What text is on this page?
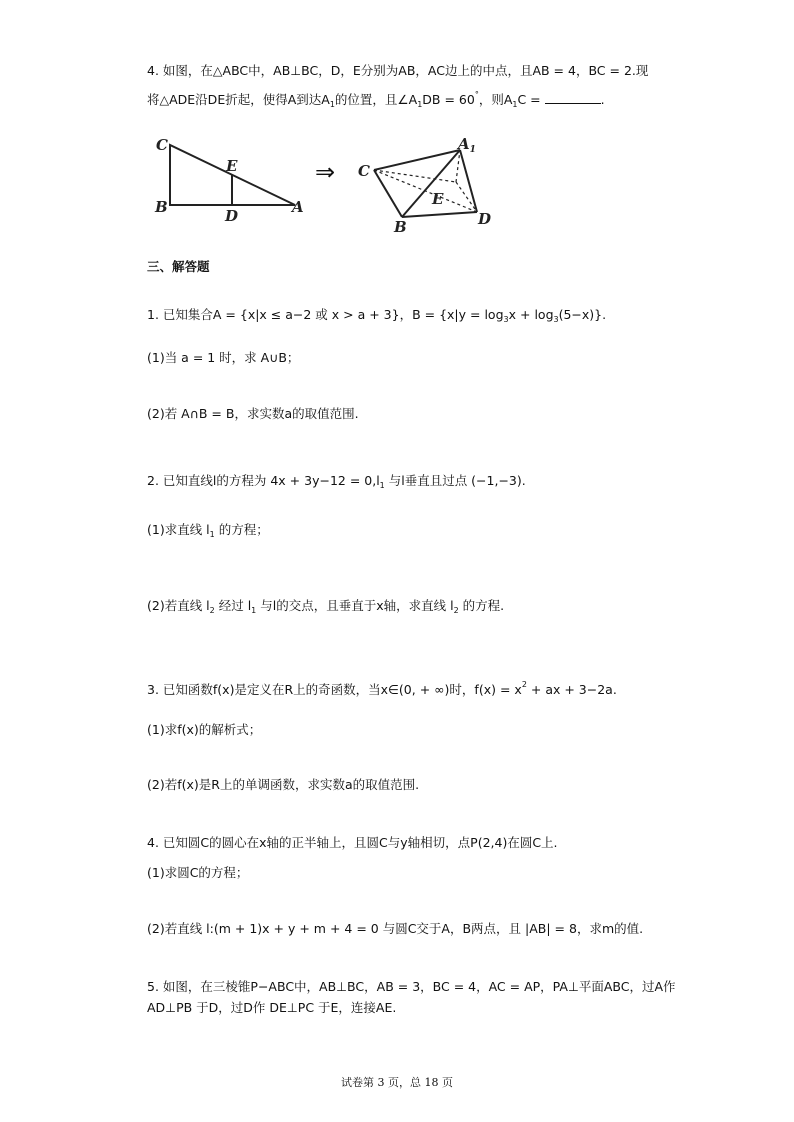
4. 如图，在△ABC中，AB⊥BC，D，E分别为AB，AC边上的中点，且AB = 4，BC = 2.现
将△ADE沿DE折起，使得A到达$A_1$的位置，且$\angle A_1DB = 60^\circ$，则$A_1C$ =	.
C
E
B	D	A
⇒ C
$A_1$
E
B	D
三、解答题
1. 已知集合A = {x|x ≤ a−2 或 x > a + 3}，$B = \{x|y = \log_3x + \log_3(5-x)\}$.
(1)当 a = 1 时，求 A∪B；
(2)若 A∩B = B，求实数a的取值范围.
2. 已知直线l的方程为 $4x + 3y-12 = 0,l_1$ 与l垂直且过点 (−1,−3).
(1)求直线 $l_1$ 的方程；
(2)若直线 $l_2$ 经过 $l_1$ 与l的交点，且垂直于x轴，求直线 $l_2$ 的方程.
3. 已知函数f(x)是定义在R上的奇函数，当x∈(0, + ∞)时，$f(x) = x^2$ + ax + 3−2a.
(1)求f(x)的解析式；
(2)若f(x)是R上的单调函数，求实数a的取值范围.
4. 已知圆C的圆心在x轴的正半轴上，且圆C与y轴相切，点P(2,4)在圆C上.
(1)求圆C的方程；
(2)若直线 l:(m + 1)x + y + m + 4 = 0 与圆C交于A，B两点，且 |AB| = 8，求m的值.
5. 如图，在三棱锥P−ABC中，AB⊥BC，AB = 3，BC = 4，AC = AP，PA⊥平面ABC，过A作
AD⊥PB 于D，过D作 DE⊥PC 于E，连接AE.
试卷第 3 页，总 18 页
